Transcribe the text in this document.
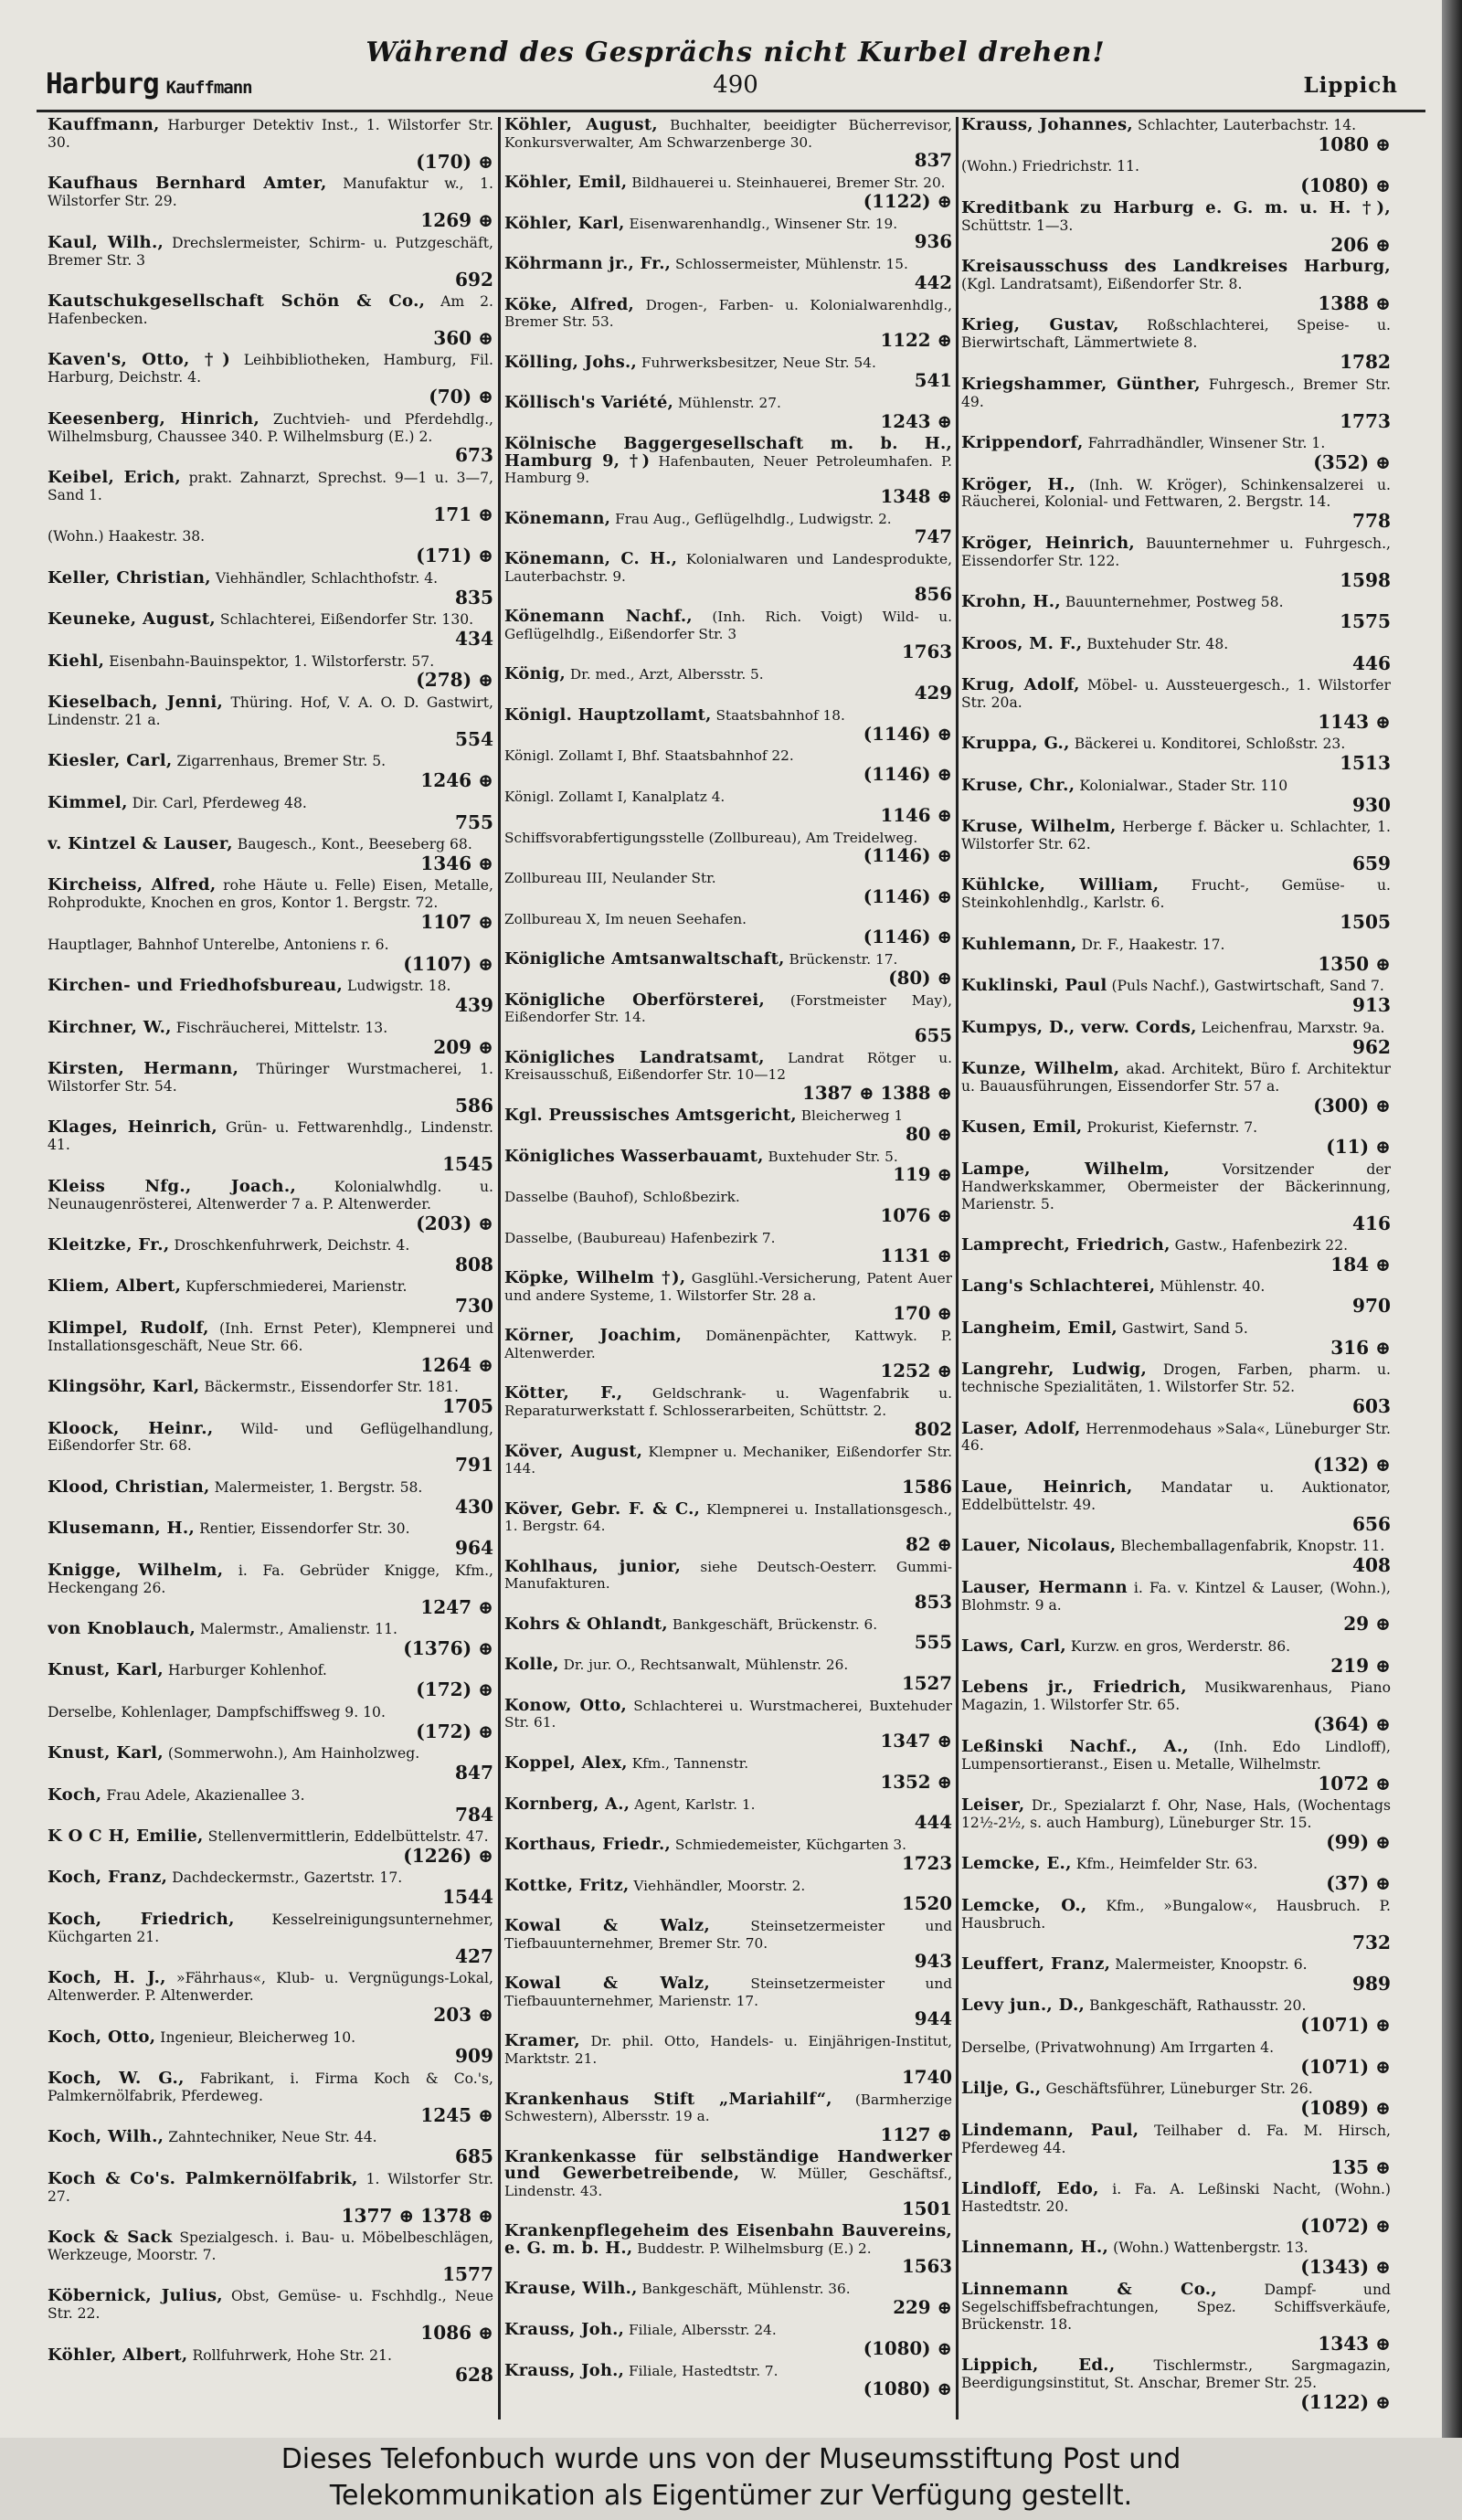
Während des Gesprächs nicht Kurbel drehen!
Harburg Kauffmann	490	Lippich
Kauffmann, Harburger Detektiv Inst., 1. Wilstorfer Str. 30.
(170) ⊕
Kaufhaus Bernhard Amter, Manufaktur w., 1. Wilstorfer Str. 29.
1269 ⊕
Kaul, Wilh., Drechslermeister, Schirm- u. Putzgeschäft, Bremer Str. 3
692
Kautschukgesellschaft Schön & Co., Am 2. Hafenbecken.
360 ⊕
Kaven's, Otto, †) Leihbibliotheken, Hamburg, Fil. Harburg, Deichstr. 4.
(70) ⊕
Keesenberg, Hinrich, Zuchtvieh- und Pferdehdlg., Wilhelmsburg, Chaussee 340. P. Wilhelmsburg (E.) 2.
673
Keibel, Erich, prakt. Zahnarzt, Sprechst. 9—1 u. 3—7, Sand 1.
171 ⊕
(Wohn.) Haakestr. 38.
(171) ⊕
Keller, Christian, Viehhändler, Schlachthofstr. 4.
835
Keuneke, August, Schlachterei, Eißendorfer Str. 130.
434
Kiehl, Eisenbahn-Bauinspektor, 1. Wilstorferstr. 57.
(278) ⊕
Kieselbach, Jenni, Thüring. Hof, V. A. O. D. Gastwirt, Lindenstr. 21 a.
554
Kiesler, Carl, Zigarrenhaus, Bremer Str. 5.
1246 ⊕
Kimmel, Dir. Carl, Pferdeweg 48.
755
v. Kintzel & Lauser, Baugesch., Kont., Beeseberg 68.
1346 ⊕
Kircheiss, Alfred, rohe Häute u. Felle) Eisen, Metalle, Rohprodukte, Knochen en gros, Kontor 1. Bergstr. 72.
1107 ⊕
Hauptlager, Bahnhof Unterelbe, Antoniens r. 6.
(1107) ⊕
Kirchen- und Friedhofsbureau, Ludwigstr. 18.
439
Kirchner, W., Fischräucherei, Mittelstr. 13.
209 ⊕
Kirsten, Hermann, Thüringer Wurstmacherei, 1. Wilstorfer Str. 54.
586
Klages, Heinrich, Grün- u. Fettwarenhdlg., Lindenstr. 41.
1545
Kleiss Nfg., Joach.,	Kolonialwhdlg. u. Neunaugenrösterei, Altenwerder 7 a. P. Altenwerder.
(203) ⊕
Kleitzke, Fr., Droschkenfuhrwerk, Deichstr. 4.
808
Kliem, Albert, Kupferschmiederei, Marienstr.
730
Klimpel, Rudolf, (Inh. Ernst Peter), Klempnerei und Installationsgeschäft, Neue Str. 66.
1264 ⊕
Klingsöhr, Karl, Bäckermstr., Eissendorfer Str. 181.
1705
Kloock, Heinr., Wild- und Geflügelhandlung, Eißendorfer Str. 68.
791
Klood, Christian, Malermeister, 1. Bergstr. 58.
430
Klusemann, H., Rentier, Eissendorfer Str. 30.
964
Knigge, Wilhelm, i. Fa. Gebrüder Knigge, Kfm., Heckengang 26.
1247 ⊕
von Knoblauch, Malermstr., Amalienstr. 11.
(1376) ⊕
Knust, Karl, Harburger Kohlenhof.
(172) ⊕
Derselbe, Kohlenlager, Dampfschiffsweg 9. 10.
(172) ⊕
Knust, Karl, (Sommerwohn.), Am Hainholzweg.
847
Koch, Frau Adele, Akazienallee 3.
784
K O C H, Emilie, Stellenvermittlerin, Eddelbüttelstr. 47.
(1226) ⊕
Koch, Franz, Dachdeckermstr., Gazertstr. 17.
1544
Koch, Friedrich,	Kesselreinigungsunternehmer, Küchgarten 21.
427
Koch, H. J., »Fährhaus«, Klub- u. Vergnügungs-Lokal, Altenwerder. P. Altenwerder.
203 ⊕
Koch, Otto, Ingenieur, Bleicherweg 10.
909
Koch, W. G., Fabrikant, i. Firma Koch & Co.'s, Palmkernölfabrik, Pferdeweg.
1245 ⊕
Koch, Wilh., Zahntechniker, Neue Str. 44.
685
Koch & Co's. Palmkernölfabrik, 1. Wilstorfer Str. 27.
1377 ⊕ 1378 ⊕
Kock & Sack Spezialgesch. i. Bau- u. Möbelbeschlägen, Werkzeuge, Moorstr. 7.
1577
Köbernick, Julius, Obst, Gemüse- u. Fschhdlg., Neue Str. 22.
1086 ⊕
Köhler, Albert, Rollfuhrwerk, Hohe Str. 21.
628
Köhler, August, Buchhalter, beeidigter Bücherrevisor, Konkursverwalter, Am Schwarzenberge 30.
837
Köhler, Emil, Bildhauerei u. Steinhauerei, Bremer Str. 20.
(1122) ⊕
Köhler, Karl, Eisenwarenhandlg., Winsener Str. 19.
936
Köhrmann jr., Fr., Schlossermeister, Mühlenstr. 15.
442
Köke, Alfred, Drogen-, Farben- u. Kolonialwarenhdlg., Bremer Str. 53.
1122 ⊕
Kölling, Johs., Fuhrwerksbesitzer, Neue Str. 54.
541
Köllisch's Variété, Mühlenstr. 27.
1243 ⊕
Kölnische Baggergesellschaft m. b. H., Hamburg 9, †) Hafenbauten, Neuer Petroleumhafen. P. Hamburg 9.
1348 ⊕
Könemann, Frau Aug., Geflügelhdlg., Ludwigstr. 2.
747
Könemann, C. H., Kolonialwaren und Landesprodukte, Lauterbachstr. 9.
856
Könemann Nachf., (Inh. Rich. Voigt) Wild- u. Geflügelhdlg., Eißendorfer Str. 3
1763
König, Dr. med., Arzt, Albersstr. 5.
429
Königl. Hauptzollamt, Staatsbahnhof 18.
(1146) ⊕
Königl. Zollamt I, Bhf. Staatsbahnhof 22.
(1146) ⊕
Königl. Zollamt I, Kanalplatz 4.
1146 ⊕
Schiffsvorabfertigungsstelle (Zollbureau), Am Treidelweg.
(1146) ⊕
Zollbureau III, Neulander Str.
(1146) ⊕
Zollbureau X, Im neuen Seehafen.
(1146) ⊕
Königliche Amtsanwaltschaft, Brückenstr. 17.
(80) ⊕
Königliche Oberförsterei, (Forstmeister May), Eißendorfer Str. 14.
655
Königliches Landratsamt, Landrat Rötger u. Kreisausschuß, Eißendorfer Str. 10—12
1387 ⊕ 1388 ⊕
Kgl. Preussisches Amtsgericht, Bleicherweg 1
80 ⊕
Königliches Wasserbauamt, Buxtehuder Str. 5.
119 ⊕
Dasselbe (Bauhof), Schloßbezirk.
1076 ⊕
Dasselbe, (Baubureau) Hafenbezirk 7.
1131 ⊕
Köpke, Wilhelm †), Gasglühl.-Versicherung, Patent Auer und andere Systeme, 1. Wilstorfer Str. 28 a.
170 ⊕
Körner, Joachim, Domänenpächter, Kattwyk. P. Altenwerder.
1252 ⊕
Kötter, F., Geldschrank- u. Wagenfabrik u. Reparaturwerkstatt f. Schlosserarbeiten, Schüttstr. 2.
802
Köver, August, Klempner u. Mechaniker, Eißendorfer Str. 144.
1586
Köver, Gebr. F. & C., Klempnerei u. Installationsgesch., 1. Bergstr. 64.
82 ⊕
Kohlhaus, junior, siehe Deutsch-Oesterr. Gummi-Manufakturen.
853
Kohrs & Ohlandt, Bankgeschäft, Brückenstr. 6.
555
Kolle, Dr. jur. O., Rechtsanwalt, Mühlenstr. 26.
1527
Konow, Otto, Schlachterei u. Wurstmacherei, Buxtehuder Str. 61.
1347 ⊕
Koppel, Alex, Kfm., Tannenstr.
1352 ⊕
Kornberg, A., Agent, Karlstr. 1.
444
Korthaus, Friedr., Schmiedemeister, Küchgarten 3.
1723
Kottke, Fritz, Viehhändler, Moorstr. 2.
1520
Kowal & Walz,	Steinsetzermeister und Tiefbauunternehmer, Bremer Str. 70.
943
Kowal & Walz,	Steinsetzermeister und Tiefbauunternehmer, Marienstr. 17.
944
Kramer, Dr. phil. Otto, Handels- u. Einjährigen-Institut, Marktstr. 21.
1740
Krankenhaus Stift „Mariahilf“, (Barmherzige Schwestern), Albersstr. 19 a.
1127 ⊕
Krankenkasse für selbständige Handwerker und Gewerbetreibende, W. Müller, Geschäftsf., Lindenstr. 43.
1501
Krankenpflegeheim des Eisenbahn Bauvereins, e. G. m. b. H., Buddestr. P. Wilhelmsburg (E.) 2.
1563
Krause, Wilh., Bankgeschäft, Mühlenstr. 36.
229 ⊕
Krauss, Joh., Filiale, Albersstr. 24.
(1080) ⊕
Krauss, Joh., Filiale, Hastedtstr. 7.
(1080) ⊕
Krauss, Johannes, Schlachter, Lauterbachstr. 14.
1080 ⊕
(Wohn.) Friedrichstr. 11.
(1080) ⊕
Kreditbank zu Harburg e. G. m. u. H. †), Schüttstr. 1—3.
206 ⊕
Kreisausschuss des Landkreises Harburg, (Kgl. Landratsamt), Eißendorfer Str. 8.
1388 ⊕
Krieg, Gustav, Roßschlachterei, Speise- u. Bierwirtschaft, Lämmertwiete 8.
1782
Kriegshammer, Günther, Fuhrgesch., Bremer Str. 49.
1773
Krippendorf, Fahrradhändler, Winsener Str. 1.
(352) ⊕
Kröger, H., (Inh. W. Kröger), Schinkensalzerei u. Räucherei, Kolonial- und Fettwaren, 2. Bergstr. 14.
778
Kröger, Heinrich, Bauunternehmer u. Fuhrgesch., Eissendorfer Str. 122.
1598
Krohn, H., Bauunternehmer, Postweg 58.
1575
Kroos, M. F., Buxtehuder Str. 48.
446
Krug, Adolf, Möbel- u. Aussteuergesch., 1. Wilstorfer Str. 20a.
1143 ⊕
Kruppa, G., Bäckerei u. Konditorei, Schloßstr. 23.
1513
Kruse, Chr., Kolonialwar., Stader Str. 110
930
Kruse, Wilhelm, Herberge f. Bäcker u. Schlachter, 1. Wilstorfer Str. 62.
659
Kühlcke, William, Frucht-, Gemüse- u. Steinkohlenhdlg., Karlstr. 6.
1505
Kuhlemann, Dr. F., Haakestr. 17.
1350 ⊕
Kuklinski, Paul (Puls Nachf.), Gastwirtschaft, Sand 7.
913
Kumpys, D., verw. Cords, Leichenfrau, Marxstr. 9a.
962
Kunze, Wilhelm, akad. Architekt, Büro f. Architektur u. Bauausführungen, Eissendorfer Str. 57 a.
(300) ⊕
Kusen, Emil, Prokurist, Kiefernstr. 7.
(11) ⊕
Lampe, Wilhelm,	Vorsitzender der Handwerkskammer, Obermeister der Bäckerinnung, Marienstr. 5.
416
Lamprecht, Friedrich, Gastw., Hafenbezirk 22.
184 ⊕
Lang's Schlachterei, Mühlenstr. 40.
970
Langheim, Emil, Gastwirt, Sand 5.
316 ⊕
Langrehr, Ludwig, Drogen, Farben, pharm. u. technische Spezialitäten, 1. Wilstorfer Str. 52.
603
Laser, Adolf, Herrenmodehaus »Sala«, Lüneburger Str. 46.
(132) ⊕
Laue, Heinrich, Mandatar u. Auktionator, Eddelbüttelstr. 49.
656
Lauer, Nicolaus, Blechemballagenfabrik, Knopstr. 11.
408
Lauser, Hermann i. Fa. v. Kintzel & Lauser, (Wohn.), Blohmstr. 9 a.
29 ⊕
Laws, Carl, Kurzw. en gros, Werderstr. 86.
219 ⊕
Lebens jr., Friedrich, Musikwarenhaus, Piano Magazin, 1. Wilstorfer Str. 65.
(364) ⊕
Leßinski Nachf., A., (Inh. Edo Lindloff), Lumpensortieranst., Eisen u. Metalle, Wilhelmstr.
1072 ⊕
Leiser, Dr., Spezialarzt f. Ohr, Nase, Hals, (Wochentags 12½-2½, s. auch Hamburg), Lüneburger Str. 15.
(99) ⊕
Lemcke, E., Kfm., Heimfelder Str. 63.
(37) ⊕
Lemcke, O., Kfm., »Bungalow«, Hausbruch. P. Hausbruch.
732
Leuffert, Franz, Malermeister, Knoopstr. 6.
989
Levy jun., D., Bankgeschäft, Rathausstr. 20.
(1071) ⊕
Derselbe, (Privatwohnung) Am Irrgarten 4.
(1071) ⊕
Lilje, G., Geschäftsführer, Lüneburger Str. 26.
(1089) ⊕
Lindemann, Paul, Teilhaber d. Fa. M. Hirsch, Pferdeweg 44.
135 ⊕
Lindloff, Edo, i. Fa. A. Leßinski Nacht, (Wohn.) Hastedtstr. 20.
(1072) ⊕
Linnemann, H., (Wohn.) Wattenbergstr. 13.
(1343) ⊕
Linnemann & Co.,	Dampf- und Segelschiffsbefrachtungen, Spez. Schiffsverkäufe, Brückenstr. 18.
1343 ⊕
Lippich, Ed.,	Tischlermstr., Sargmagazin, Beerdigungsinstitut, St. Anschar, Bremer Str. 25.
(1122) ⊕
Dieses Telefonbuch wurde uns von der Museumsstiftung Post und
Telekommunikation als Eigentümer zur Verfügung gestellt.
